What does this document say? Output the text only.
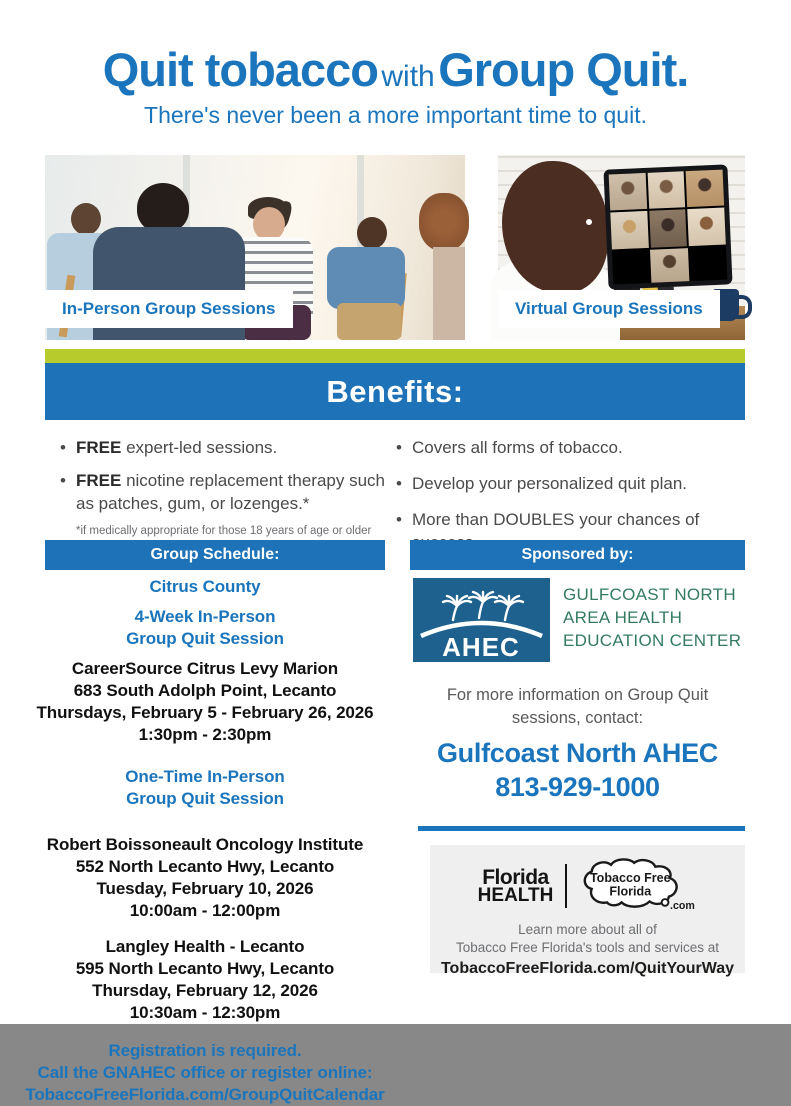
Quit tobacco with Group Quit.
There's never been a more important time to quit.
In-Person Group Sessions	Virtual Group Sessions
Benefits:
• FREE expert-led sessions.
• FREE nicotine replacement therapy such as patches, gum, or lozenges.*
*if medically appropriate for those 18 years of age or older
• Covers all forms of tobacco.
• Develop your personalized quit plan.
• More than DOUBLES your chances of
Group Schedule:	Sponsored by:
Citrus County
4-Week In-Person
Group Quit Session
CareerSource Citrus Levy Marion
683 South Adolph Point, Lecanto
Thursdays, February 5 - February 26, 2026
1:30pm - 2:30pm
One-Time In-Person
Group Quit Session
Robert Boissoneault Oncology Institute
552 North Lecanto Hwy, Lecanto
Tuesday, February 10, 2026
10:00am - 12:00pm
Langley Health - Lecanto
595 North Lecanto Hwy, Lecanto
Thursday, February 12, 2026
10:30am - 12:30pm
Registration is required.
Call the GNAHEC office or register online:
TobaccoFreeFlorida.com/GroupQuitCalendar
AHEC
GULFCOAST NORTH
AREA HEALTH
EDUCATION CENTER
For more information on Group Quit
sessions, contact:
Gulfcoast North AHEC
813-929-1000
Florida
HEALTH
Tobacco Free
Florida
.com
Learn more about all of
Tobacco Free Florida's tools and services at
TobaccoFreeFlorida.com/QuitYourWay
